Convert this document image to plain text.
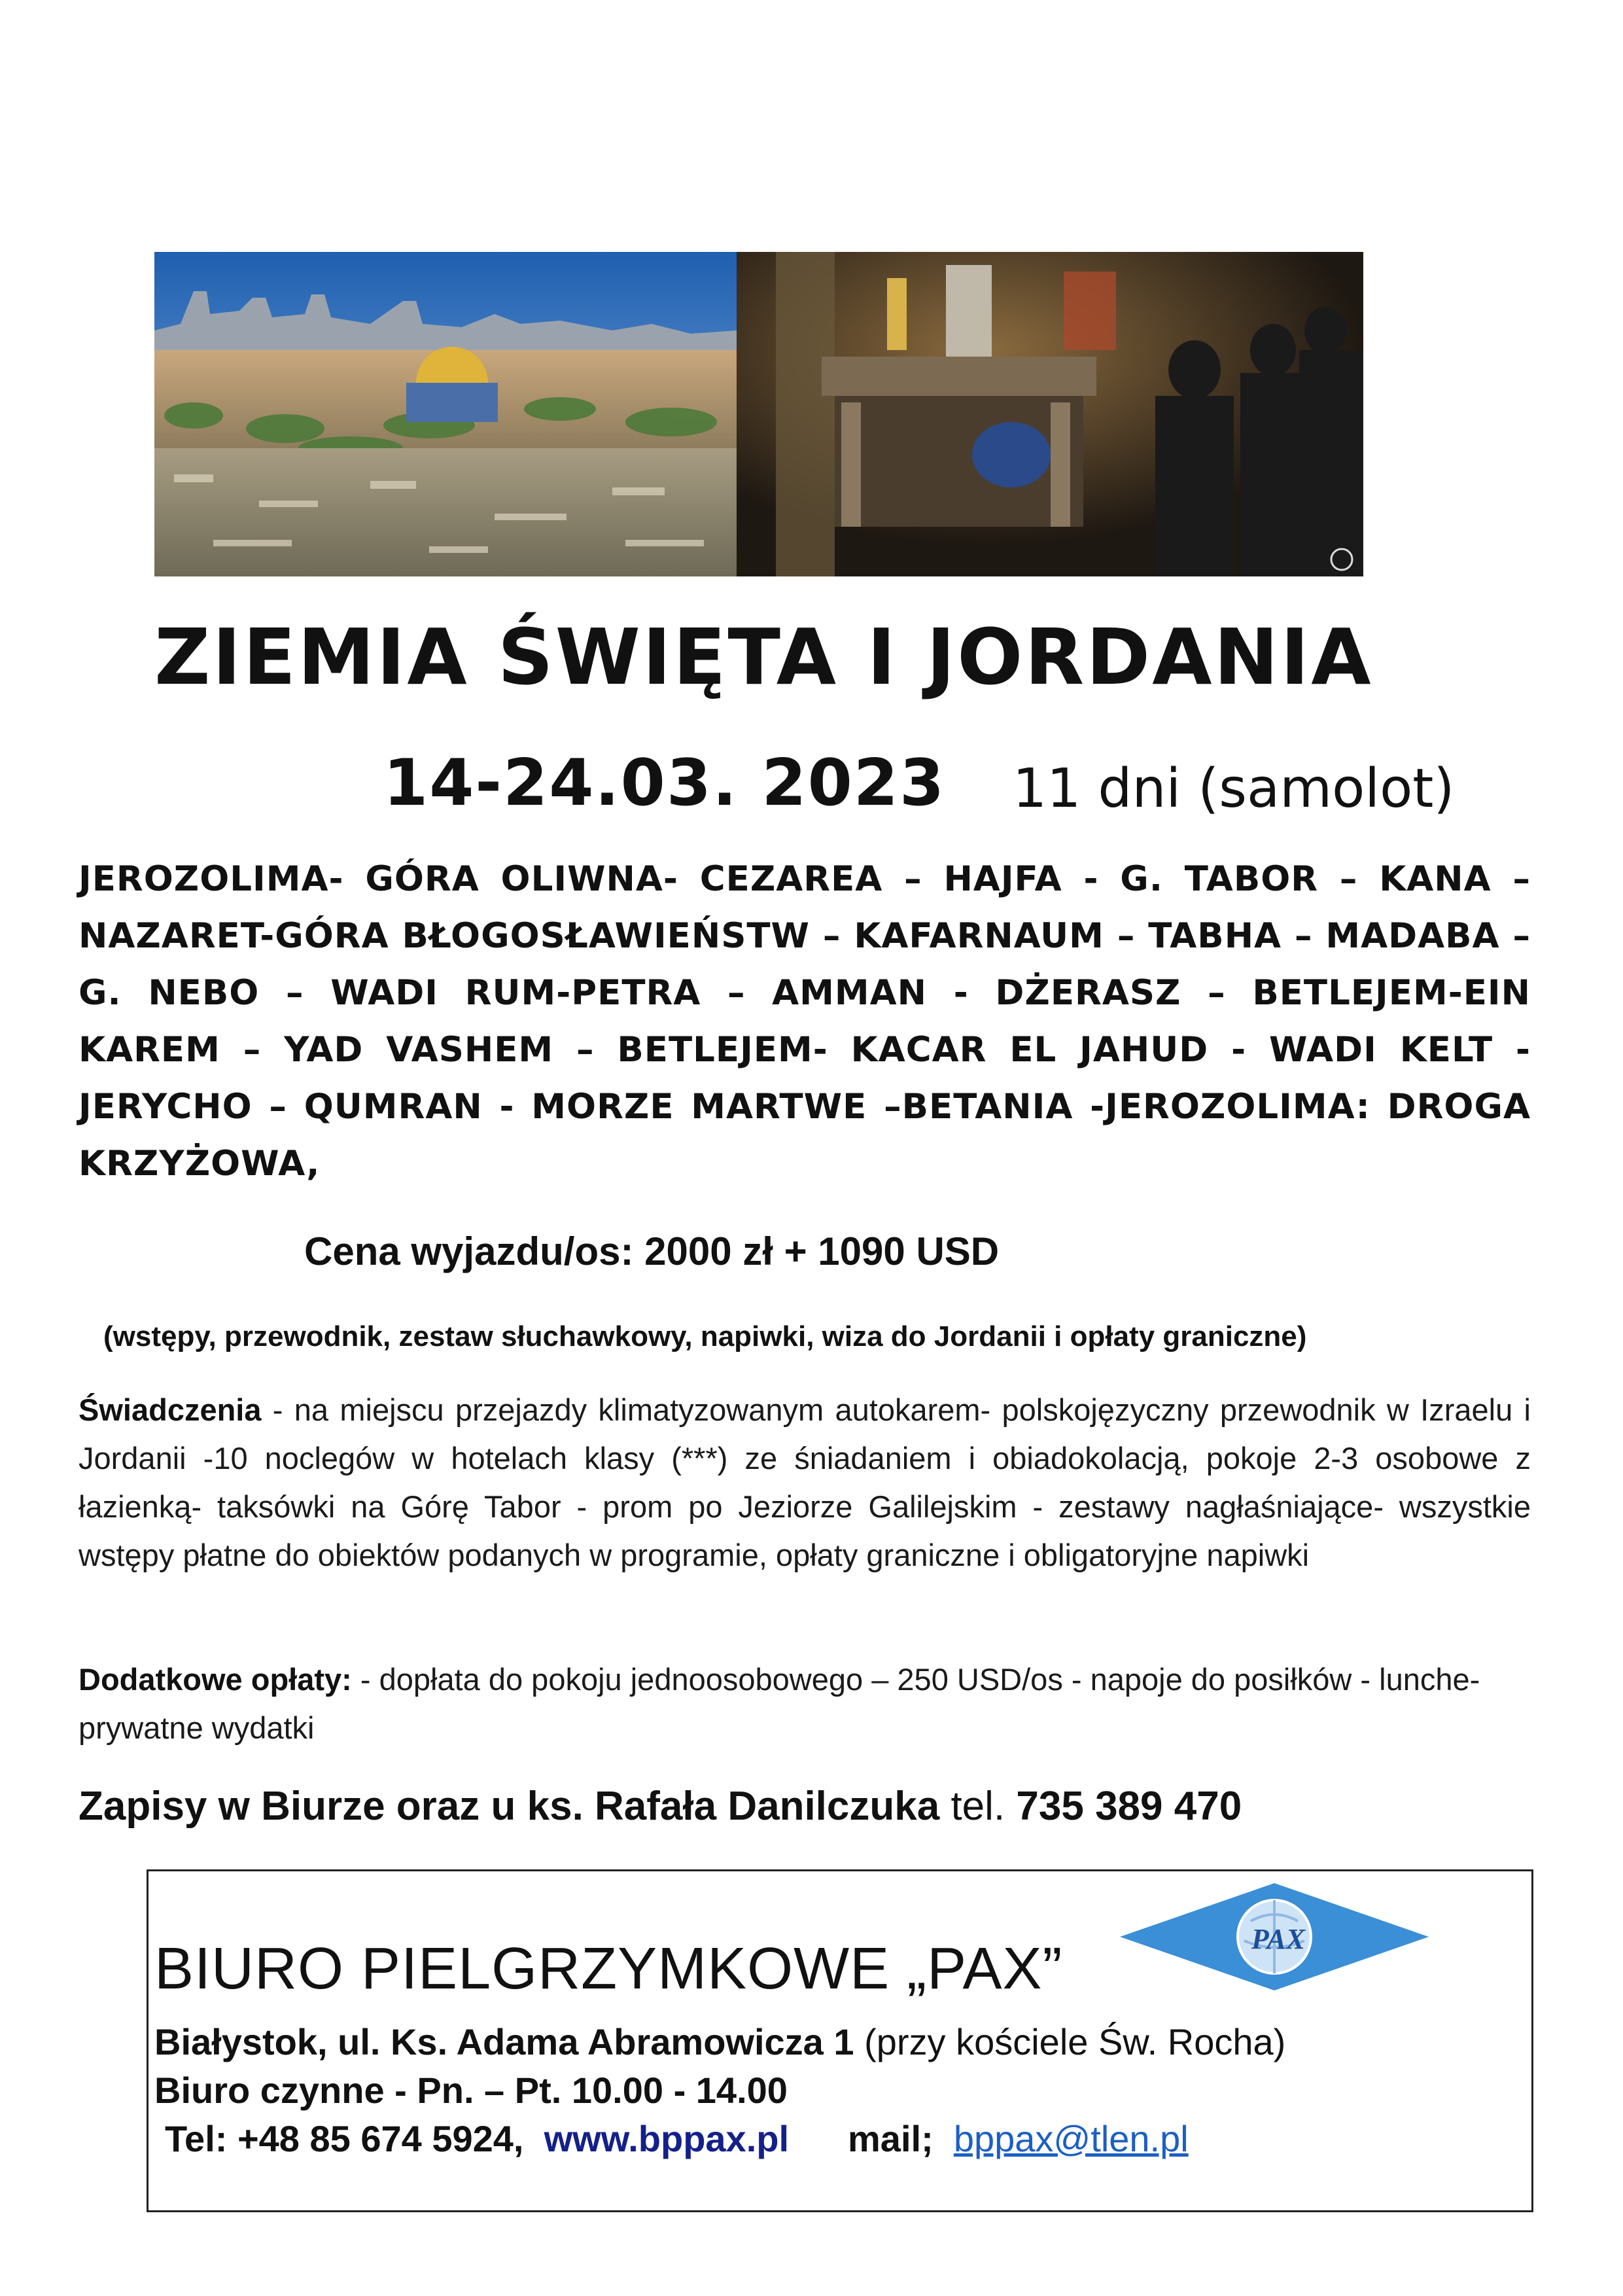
ZIEMIA ŚWIĘTA I JORDANIA
14-24.03. 2023 11 dni (samolot)
JEROZOLIMA- GÓRA OLIWNA- CEZAREA – HAJFA - G. TABOR – KANA – NAZARET-GÓRA BŁOGOSŁAWIEŃSTW – KAFARNAUM – TABHA – MADABA – G. NEBO – WADI RUM-PETRA – AMMAN - DŻERASZ – BETLEJEM-EIN KAREM – YAD VASHEM – BETLEJEM- KACAR EL JAHUD - WADI KELT - JERYCHO – QUMRAN - MORZE MARTWE –BETANIA -JEROZOLIMA: DROGA KRZYŻOWA,
Cena wyjazdu/os: 2000 zł + 1090 USD
(wstępy, przewodnik, zestaw słuchawkowy, napiwki, wiza do Jordanii i opłaty graniczne)
Świadczenia - na miejscu przejazdy klimatyzowanym autokarem- polskojęzyczny przewodnik w Izraelu i Jordanii -10 noclegów w hotelach klasy (***) ze śniadaniem i obiadokolacją, pokoje 2-3 osobowe z łazienką- taksówki na Górę Tabor - prom po Jeziorze Galilejskim - zestawy nagłaśniające- wszystkie wstępy płatne do obiektów podanych w programie, opłaty graniczne i obligatoryjne napiwki
Dodatkowe opłaty: - dopłata do pokoju jednoosobowego – 250 USD/os - napoje do posiłków - lunche- prywatne wydatki
Zapisy w Biurze oraz u ks. Rafała Danilczuka tel. 735 389 470
PAX
BIURO PIELGRZYMKOWE „PAX”
Białystok, ul. Ks. Adama Abramowicza 1 (przy kościele Św. Rocha)
Biuro czynne - Pn. – Pt. 10.00 - 14.00
Tel: +48 85 674 5924, www.bppax.pl mail; bppax@tlen.pl
